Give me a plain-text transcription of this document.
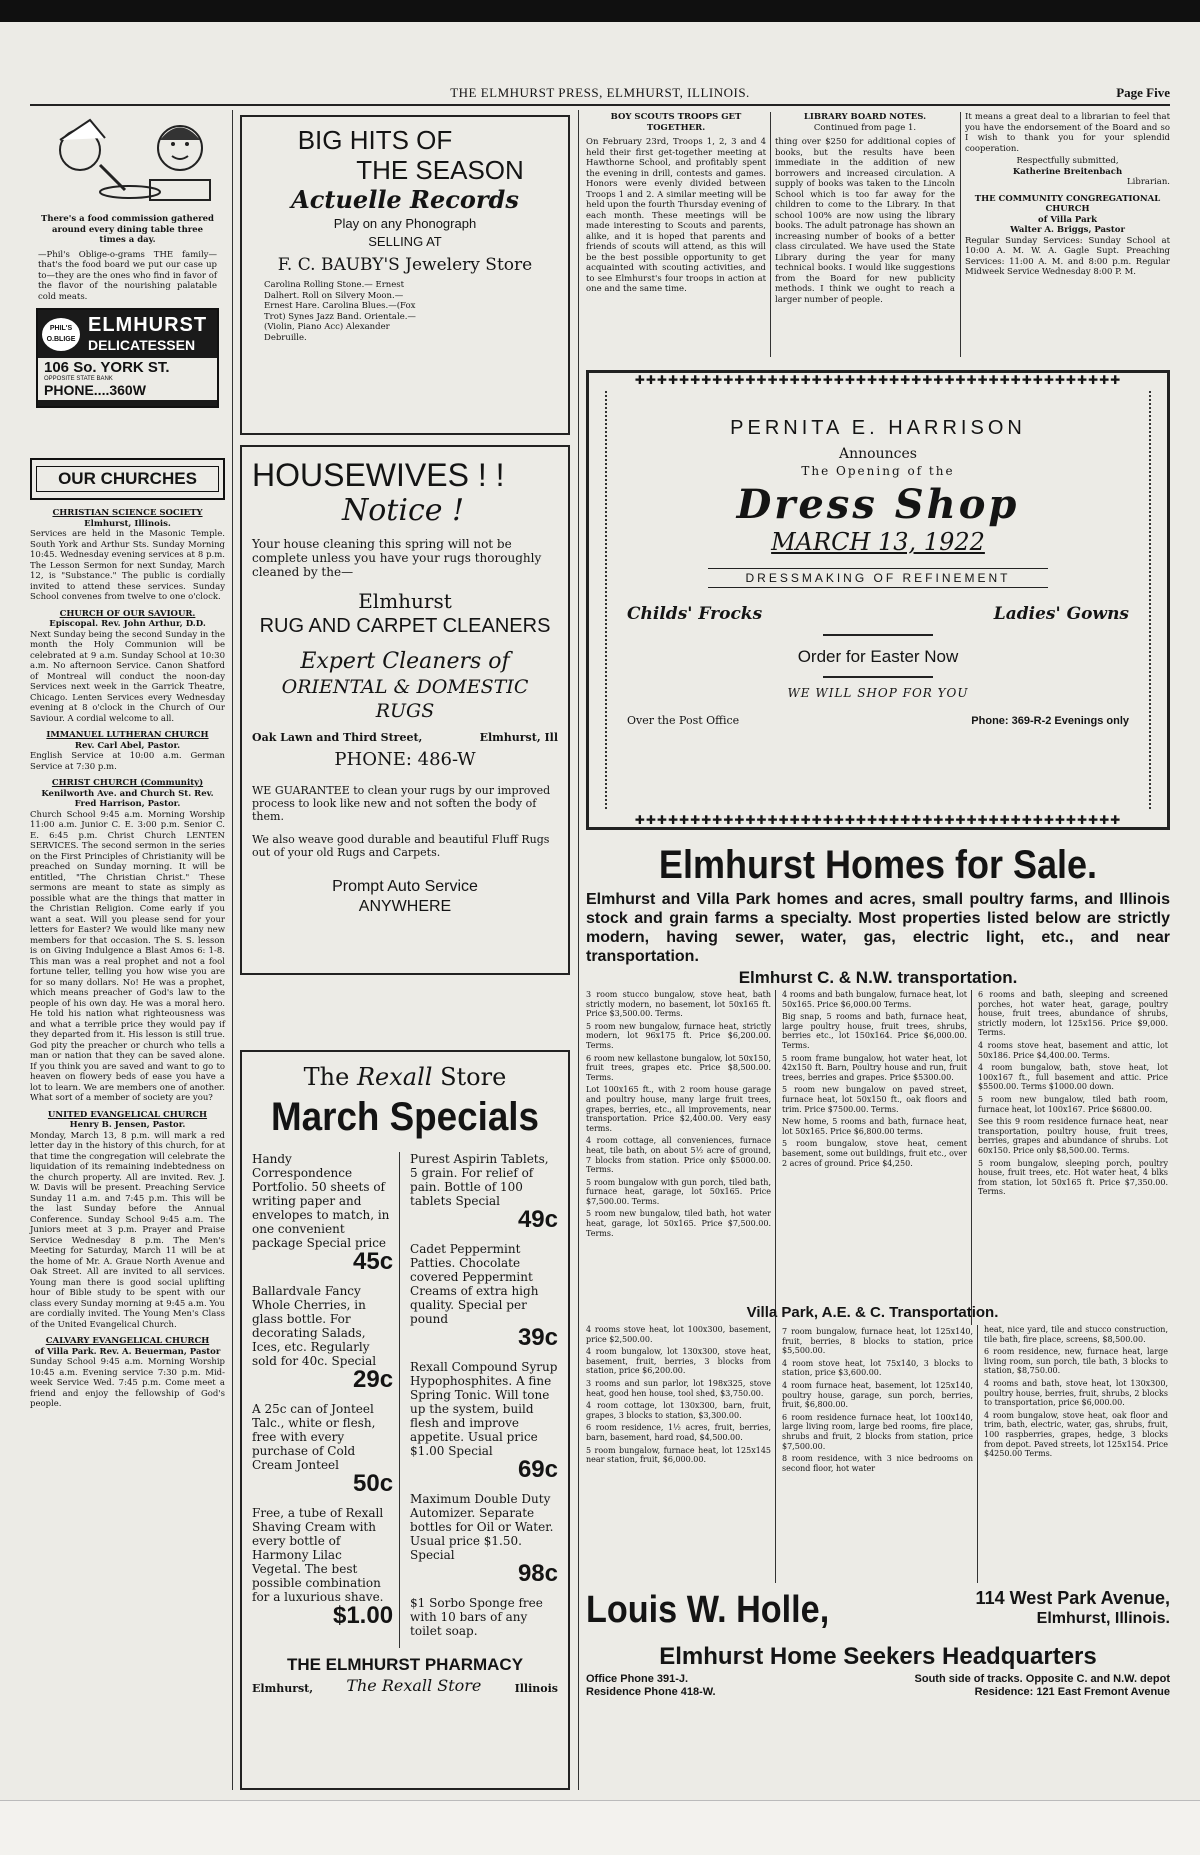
THE ELMHURST PRESS, ELMHURST, ILLINOIS.	Page Five
There's a food commission gathered around every dining table three times a day.
—Phil's Oblige-o-grams THE family— that's the food board we put our case up to—they are the ones who find in favor of the flavor of the nourishing palatable cold meats.
PHIL'S O.BLIGE
ELMHURST
DELICATESSEN
106 So. YORK ST.
OPPOSITE STATE BANK
PHONE....360W
OUR CHURCHES
CHRISTIAN SCIENCE SOCIETY
Elmhurst, Illinois.

Services are held in the Masonic Temple. South York and Arthur Sts. Sunday Morning 10:45. Wednesday evening services at 8 p.m. The Lesson Sermon for next Sunday, March 12, is "Substance." The public is cordially invited to attend these services. Sunday School convenes from twelve to one o'clock.

CHURCH OF OUR SAVIOUR.
Episcopal. Rev. John Arthur, D.D.

Next Sunday being the second Sunday in the month the Holy Communion will be celebrated at 9 a.m. Sunday School at 10:30 a.m. No afternoon Service. Canon Shatford of Montreal will conduct the noon-day Services next week in the Garrick Theatre, Chicago. Lenten Services every Wednesday evening at 8 o'clock in the Church of Our Saviour. A cordial welcome to all.

IMMANUEL LUTHERAN CHURCH
Rev. Carl Abel, Pastor.

English Service at 10:00 a.m. German Service at 7:30 p.m.

CHRIST CHURCH (Community)
Kenilworth Ave. and Church St. Rev. Fred Harrison, Pastor.

Church School 9:45 a.m. Morning Worship 11:00 a.m. Junior C. E. 3:00 p.m. Senior C. E. 6:45 p.m. Christ Church LENTEN SERVICES. The second sermon in the series on the First Principles of Christianity will be preached on Sunday morning. It will be entitled, "The Christian Christ." These sermons are meant to state as simply as possible what are the things that matter in the Christian Religion. Come early if you want a seat. Will you please send for your letters for Easter? We would like many new members for that occasion. The S. S. lesson is on Giving Indulgence a Blast Amos 6: 1-8. This man was a real prophet and not a fool fortune teller, telling you how wise you are for so many dollars. No! He was a prophet, which means preacher of God's law to the people of his own day. He was a moral hero. He told his nation what righteousness was and what a terrible price they would pay if they departed from it. His lesson is still true. God pity the preacher or church who tells a man or nation that they can be saved alone. If you think you are saved and want to go to heaven on flowery beds of ease you have a lot to learn. We are members one of another. What sort of a member of society are you?

UNITED EVANGELICAL CHURCH
Henry B. Jensen, Pastor.

Monday, March 13, 8 p.m. will mark a red letter day in the history of this church, for at that time the congregation will celebrate the liquidation of its remaining indebtedness on the church property. All are invited. Rev. J. W. Davis will be present. Preaching Service Sunday 11 a.m. and 7:45 p.m. This will be the last Sunday before the Annual Conference. Sunday School 9:45 a.m. The Juniors meet at 3 p.m. Prayer and Praise Service Wednesday 8 p.m. The Men's Meeting for Saturday, March 11 will be at the home of Mr. A. Graue North Avenue and Oak Street. All are invited to all services. Young man there is good social uplifting hour of Bible study to be spent with our class every Sunday morning at 9:45 a.m. You are cordially invited. The Young Men's Class of the United Evangelical Church.

CALVARY EVANGELICAL CHURCH
of Villa Park. Rev. A. Beuerman, Pastor

Sunday School 9:45 a.m. Morning Worship 10:45 a.m. Evening service 7:30 p.m. Mid-week Service Wed. 7:45 p.m. Come meet a friend and enjoy the fellowship of God's people.

BIG HITS OF
THE SEASON
Actuelle Records
Play on any Phonograph
SELLING AT
F. C. BAUBY'S Jewelery Store
Carolina Rolling Stone.— Ernest Dalhert. Roll on Silvery Moon.—Ernest Hare. Carolina Blues.—(Fox Trot) Synes Jazz Band. Orientale.—(Violin, Piano Acc) Alexander Debruille.
HOUSEWIVES ! !
Notice !
Your house cleaning this spring will not be complete unless you have your rugs thoroughly cleaned by the—
Elmhurst
RUG AND CARPET CLEANERS
Expert Cleaners of
ORIENTAL & DOMESTIC RUGS
Oak Lawn and Third Street,	Elmhurst, Ill
PHONE: 486-W
WE GUARANTEE to clean your rugs by our improved process to look like new and not soften the body of them.
We also weave good durable and beautiful Fluff Rugs out of your old Rugs and Carpets.
Prompt Auto Service
ANYWHERE
The Rexall Store
March Specials
Handy Correspondence Portfolio. 50 sheets of writing paper and envelopes to match, in one convenient package Special price
45c
Ballardvale Fancy Whole Cherries, in glass bottle. For decorating Salads, Ices, etc. Regularly sold for 40c. Special
29c
A 25c can of Jonteel Talc., white or flesh, free with every purchase of Cold Cream Jonteel
50c
Free, a tube of Rexall Shaving Cream with every bottle of Harmony Lilac Vegetal. The best possible combination for a luxurious shave.
$1.00
Purest Aspirin Tablets, 5 grain. For relief of pain. Bottle of 100 tablets Special
49c
Cadet Peppermint Patties. Chocolate covered Peppermint Creams of extra high quality. Special per pound
39c
Rexall Compound Syrup Hypophosphites. A fine Spring Tonic. Will tone up the system, build flesh and improve appetite. Usual price $1.00 Special
69c
Maximum Double Duty Automizer. Separate bottles for Oil or Water. Usual price $1.50. Special
98c
$1 Sorbo Sponge free with 10 bars of any toilet soap.
THE ELMHURST PHARMACY
Elmhurst, The Rexall Store	Illinois
BOY SCOUTS TROOPS GET TOGETHER.

On February 23rd, Troops 1, 2, 3 and 4 held their first get-together meeting at Hawthorne School, and profitably spent the evening in drill, contests and games. Honors were evenly divided between Troops 1 and 2. A similar meeting will be held upon the fourth Thursday evening of each month. These meetings will be made interesting to Scouts and parents, alike, and it is hoped that parents and friends of scouts will attend, as this will be the best possible opportunity to get acquainted with scouting activities, and to see Elmhurst's four troops in action at one and the same time.

LIBRARY BOARD NOTES.
Continued from page 1.

thing over $250 for additional copies of books, but the results have been immediate in the addition of new borrowers and increased circulation. A supply of books was taken to the Lincoln School which is too far away for the children to come to the Library. In that school 100% are now using the library books. The adult patronage has shown an increasing number of books of a better class circulated. We have used the State Library during the year for many technical books. I would like suggestions from the Board for new publicity methods. I think we ought to reach a larger number of people.

It means a great deal to a librarian to feel that you have the endorsement of the Board and so I wish to thank you for your splendid cooperation.

Respectfully submitted,
Katherine Breitenbach
Librarian.
THE COMMUNITY CONGREGATIONAL CHURCH
of Villa Park
Walter A. Briggs, Pastor

Regular Sunday Services: Sunday School at 10:00 A. M. W. A. Gagle Supt. Preaching Services: 11:00 A. M. and 8:00 p.m. Regular Midweek Service Wednesday 8:00 P. M.

✚✚✚✚✚✚✚✚✚✚✚✚✚✚✚✚✚✚✚✚✚✚✚✚✚✚✚✚✚✚✚✚✚✚✚✚✚✚✚✚✚✚✚✚
✚✚✚✚✚✚✚✚✚✚✚✚✚✚✚✚✚✚✚✚✚✚✚✚✚✚✚✚✚✚✚✚✚✚✚✚✚✚✚✚✚✚✚✚
PERNITA E. HARRISON
Announces
The Opening of the
Dress Shop
MARCH 13, 1922
DRESSMAKING OF REFINEMENT
Childs' Frocks	Ladies' Gowns
Order for Easter Now
WE WILL SHOP FOR YOU
Over the Post Office	Phone: 369-R-2 Evenings only
Elmhurst Homes for Sale.
Elmhurst and Villa Park homes and acres, small poultry farms, and Illinois stock and grain farms a specialty. Most properties listed below are strictly modern, having sewer, water, gas, electric light, etc., and near transportation.
Elmhurst C. & N.W. transportation.

3 room stucco bungalow, stove heat, bath strictly modern, no basement, lot 50x165 ft. Price $3,500.00. Terms.

5 room new bungalow, furnace heat, strictly modern, lot 96x175 ft. Price $6,200.00. Terms.

6 room new kellastone bungalow, lot 50x150, fruit trees, grapes etc. Price $8,500.00. Terms.

Lot 100x165 ft., with 2 room house garage and poultry house, many large fruit trees, grapes, berries, etc., all improvements, near transportation. Price $2,400.00. Very easy terms.

4 room cottage, all conveniences, furnace heat, tile bath, on about 5½ acre of ground, 7 blocks from station. Price only $5000.00. Terms.

5 room bungalow with gun porch, tiled bath, furnace heat, garage, lot 50x165. Price $7,500.00. Terms.

5 room new bungalow, tiled bath, hot water heat, garage, lot 50x165. Price $7,500.00. Terms.

4 rooms and bath bungalow, furnace heat, lot 50x165. Price $6,000.00 Terms.

Big snap, 5 rooms and bath, furnace heat, large poultry house, fruit trees, shrubs, berries etc., lot 150x164. Price $6,000.00. Terms.

5 room frame bungalow, hot water heat, lot 42x150 ft. Barn, Poultry house and run, fruit trees, berries and grapes. Price $5300.00.

5 room new bungalow on paved street, furnace heat, lot 50x150 ft., oak floors and trim. Price $7500.00. Terms.

New home, 5 rooms and bath, furnace heat, lot 50x165. Price $6,800.00 terms.

5 room bungalow, stove heat, cement basement, some out buildings, fruit etc., over 2 acres of ground. Price $4,250.

6 rooms and bath, sleeping and screened porches, hot water heat, garage, poultry house, fruit trees, abundance of shrubs, strictly modern, lot 125x156. Price $9,000. Terms.

4 rooms stove heat, basement and attic, lot 50x186. Price $4,400.00. Terms.

4 room bungalow, bath, stove heat, lot 100x167 ft., full basement and attic. Price $5500.00. Terms $1000.00 down.

5 room new bungalow, tiled bath room, furnace heat, lot 100x167. Price $6800.00.

See this 9 room residence furnace heat, near transportation, poultry house, fruit trees, berries, grapes and abundance of shrubs. Lot 60x150. Price only $8,500.00. Terms.

5 room bungalow, sleeping porch, poultry house, fruit trees, etc. Hot water heat, 4 blks from station, lot 50x165 ft. Price $7,350.00. Terms.

4 rooms stove heat, lot 100x300, basement, price $2,500.00.

4 room bungalow, lot 130x300, stove heat, basement, fruit, berries, 3 blocks from station, price $6,200.00.

3 rooms and sun parlor, lot 198x325, stove heat, good hen house, tool shed, $3,750.00.

4 room cottage, lot 130x300, barn, fruit, grapes, 3 blocks to station, $3,300.00.

6 room residence, 1½ acres, fruit, berries, barn, basement, hard road, $4,500.00.

5 room bungalow, furnace heat, lot 125x145 near station, fruit, $6,000.00.

Villa Park, A.E. & C. Transportation.

7 room bungalow, furnace heat, lot 125x140, fruit, berries, 8 blocks to station, price $5,500.00.

4 room stove heat, lot 75x140, 3 blocks to station, price $3,600.00.

4 room furnace heat, basement, lot 125x140, poultry house, garage, sun porch, berries, fruit, $6,800.00.

6 room residence furnace heat, lot 100x140, large living room, large bed rooms, fire place, shrubs and fruit, 2 blocks from station, price $7,500.00.

8 room residence, with 3 nice bedrooms on second floor, hot water

heat, nice yard, tile and stucco construction, tile bath, fire place, screens, $8,500.00.

6 room residence, new, furnace heat, large living room, sun porch, tile bath, 3 blocks to station, $8,750.00.

4 rooms and bath, stove heat, lot 130x300, poultry house, berries, fruit, shrubs, 2 blocks to transportation, price $6,000.00.

4 room bungalow, stove heat, oak floor and trim, bath, electric, water, gas, shrubs, fruit, 100 raspberries, grapes, hedge, 3 blocks from depot. Paved streets, lot 125x154. Price $4250.00 Terms.

Louis W. Holle,	114 West Park Avenue,
Elmhurst, Illinois.
Elmhurst Home Seekers Headquarters
Office Phone 391-J.
Residence Phone 418-W.
South side of tracks. Opposite C. and N.W. depot
Residence: 121 East Fremont Avenue
